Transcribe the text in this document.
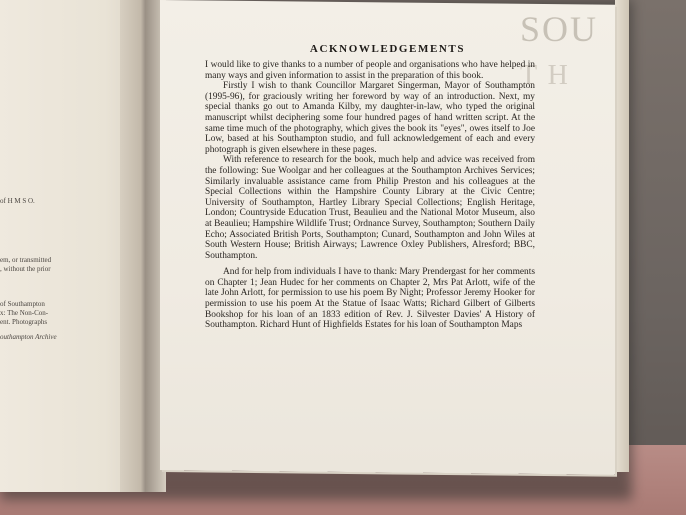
of H M S O.
em, or transmitted
, without the prior
of Southampton
x: The Non-Con-
ent. Photographs
outhampton Archive
SOU
T H
ACKNOWLEDGEMENTS

I would like to give thanks to a number of people and organisations who have helped in many ways and given information to assist in the preparation of this book.

Firstly I wish to thank Councillor Margaret Singerman, Mayor of Southampton (1995-96), for graciously writing her foreword by way of an introduction. Next, my special thanks go out to Amanda Kilby, my daughter-in-law, who typed the original manuscript whilst deciphering some four hundred pages of hand written script. At the same time much of the photography, which gives the book its "eyes", owes itself to Joe Low, based at his Southampton studio, and full acknowledgement of each and every photograph is given elsewhere in these pages.

With reference to research for the book, much help and advice was received from the following: Sue Woolgar and her colleagues at the Southampton Archives Services; Similarly invaluable assistance came from Philip Preston and his colleagues at the Special Collections within the Hampshire County Library at the Civic Centre; University of Southampton, Hartley Library Special Collections; English Heritage, London; Countryside Education Trust, Beaulieu and the National Motor Museum, also at Beaulieu; Hampshire Wildlife Trust; Ordnance Survey, Southampton; Southern Daily Echo; Associated British Ports, Southampton; Cunard, Southampton and John Wiles at South Western House; British Airways; Lawrence Oxley Publishers, Alresford; BBC, Southampton.

And for help from individuals I have to thank: Mary Prendergast for her comments on Chapter 1; Jean Hudec for her comments on Chapter 2, Mrs Pat Arlott, wife of the late John Arlott, for permission to use his poem By Night; Professor Jeremy Hooker for permission to use his poem At the Statue of Isaac Watts; Richard Gilbert of Gilberts Bookshop for his loan of an 1833 edition of Rev. J. Silvester Davies' A History of Southampton. Richard Hunt of Highfields Estates for his loan of Southampton Maps
